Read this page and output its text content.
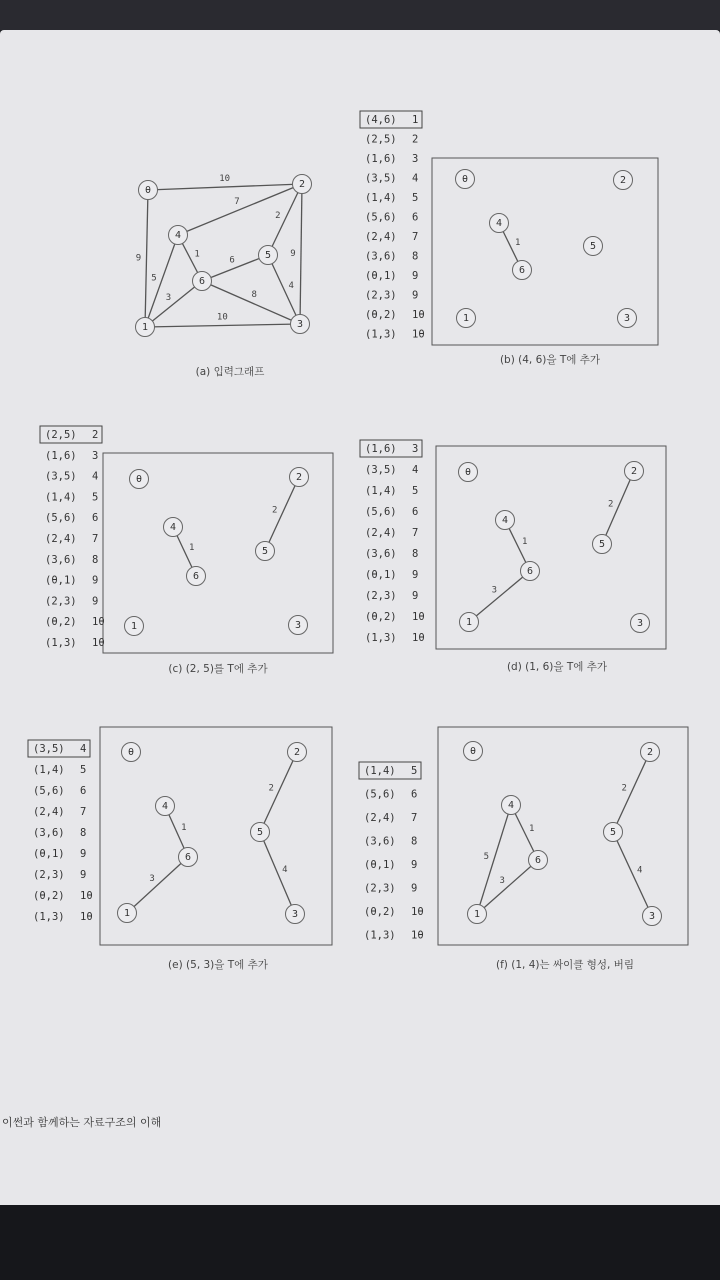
10
9
7
2
9
5
1
6
4
3	8
10
θ
1
2
3
4
5
6
(a) 입력그래프
1
θ
1
2
3
4
5
6
(4,6) 1
(2,5) 2
(1,6) 3
(3,5) 4
(1,4) 5
(5,6) 6
(2,4) 7
(3,6) 8
(θ,1) 9
(2,3) 9
(θ,2) 1θ
(1,3) 1θ
(b) (4, 6)을 T에 추가
1
2
θ
1
2
3
4
5
6
(2,5) 2
(1,6) 3
(3,5) 4
(1,4) 5
(5,6) 6
(2,4) 7
(3,6) 8
(θ,1) 9
(2,3) 9
(θ,2) 1θ
(1,3) 1θ
(c) (2, 5)를 T에 추가
1
2
3
θ
1
2
3
4
5
6
(1,6) 3
(3,5) 4
(1,4) 5
(5,6) 6
(2,4) 7
(3,6) 8
(θ,1) 9
(2,3) 9
(θ,2) 1θ
(1,3) 1θ
(d) (1, 6)을 T에 추가
1
2
3
4
θ
1
2
3
4
5
6
(3,5) 4
(1,4) 5
(5,6) 6
(2,4) 7
(3,6) 8
(θ,1) 9
(2,3) 9
(θ,2) 1θ
(1,3) 1θ
(e) (5, 3)을 T에 추가
1
2
3
4
5
θ
1
2
3
4
5
6
(1,4) 5
(5,6) 6
(2,4) 7
(3,6) 8
(θ,1) 9
(2,3) 9
(θ,2) 1θ
(1,3) 1θ
(f) (1, 4)는 싸이클 형성, 버림
이썬과 함께하는 자료구조의 이해
